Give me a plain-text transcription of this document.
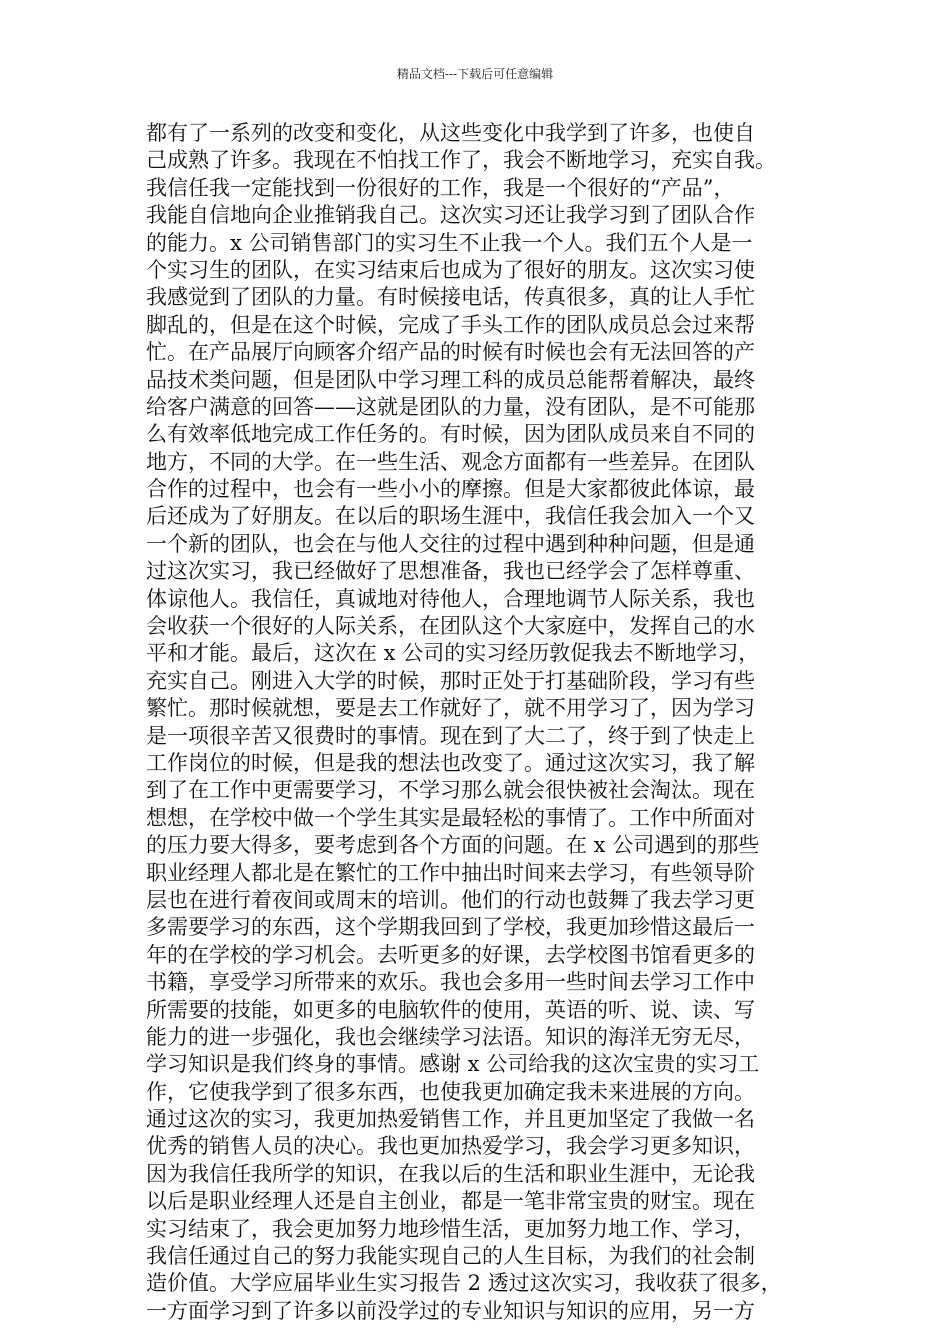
精品文档---下载后可任意编辑
都有了一系列的改变和变化，从这些变化中我学到了许多，也使自
己成熟了许多。我现在不怕找工作了，我会不断地学习，充实自我。
我信任我一定能找到一份很好的工作，我是一个很好的“产品”，
我能自信地向企业推销我自己。这次实习还让我学习到了团队合作
的能力。x 公司销售部门的实习生不止我一个人。我们五个人是一
个实习生的团队，在实习结束后也成为了很好的朋友。这次实习使
我感觉到了团队的力量。有时候接电话，传真很多，真的让人手忙
脚乱的，但是在这个时候，完成了手头工作的团队成员总会过来帮
忙。在产品展厅向顾客介绍产品的时候有时候也会有无法回答的产
品技术类问题，但是团队中学习理工科的成员总能帮着解决，最终
给客户满意的回答——这就是团队的力量，没有团队，是不可能那
么有效率低地完成工作任务的。有时候，因为团队成员来自不同的
地方，不同的大学。在一些生活、观念方面都有一些差异。在团队
合作的过程中，也会有一些小小的摩擦。但是大家都彼此体谅，最
后还成为了好朋友。在以后的职场生涯中，我信任我会加入一个又
一个新的团队，也会在与他人交往的过程中遇到种种问题，但是通
过这次实习，我已经做好了思想准备，我也已经学会了怎样尊重、
体谅他人。我信任，真诚地对待他人，合理地调节人际关系，我也
会收获一个很好的人际关系，在团队这个大家庭中，发挥自己的水
平和才能。最后，这次在 x 公司的实习经历敦促我去不断地学习，
充实自己。刚进入大学的时候，那时正处于打基础阶段，学习有些
繁忙。那时候就想，要是去工作就好了，就不用学习了，因为学习
是一项很辛苦又很费时的事情。现在到了大二了，终于到了快走上
工作岗位的时候，但是我的想法也改变了。通过这次实习，我了解
到了在工作中更需要学习，不学习那么就会很快被社会淘汰。现在
想想，在学校中做一个学生其实是最轻松的事情了。工作中所面对
的压力要大得多，要考虑到各个方面的问题。在 x 公司遇到的那些
职业经理人都北是在繁忙的工作中抽出时间来去学习，有些领导阶
层也在进行着夜间或周末的培训。他们的行动也鼓舞了我去学习更
多需要学习的东西，这个学期我回到了学校，我更加珍惜这最后一
年的在学校的学习机会。去听更多的好课，去学校图书馆看更多的
书籍，享受学习所带来的欢乐。我也会多用一些时间去学习工作中
所需要的技能，如更多的电脑软件的使用，英语的听、说、读、写
能力的进一步强化，我也会继续学习法语。知识的海洋无穷无尽，
学习知识是我们终身的事情。感谢 x 公司给我的这次宝贵的实习工
作，它使我学到了很多东西，也使我更加确定我未来进展的方向。
通过这次的实习，我更加热爱销售工作，并且更加坚定了我做一名
优秀的销售人员的决心。我也更加热爱学习，我会学习更多知识，
因为我信任我所学的知识，在我以后的生活和职业生涯中，无论我
以后是职业经理人还是自主创业，都是一笔非常宝贵的财宝。现在
实习结束了，我会更加努力地珍惜生活，更加努力地工作、学习，
我信任通过自己的努力我能实现自己的人生目标，为我们的社会制
造价值。大学应届毕业生实习报告 2 透过这次实习，我收获了很多，
一方面学习到了许多以前没学过的专业知识与知识的应用，另一方
